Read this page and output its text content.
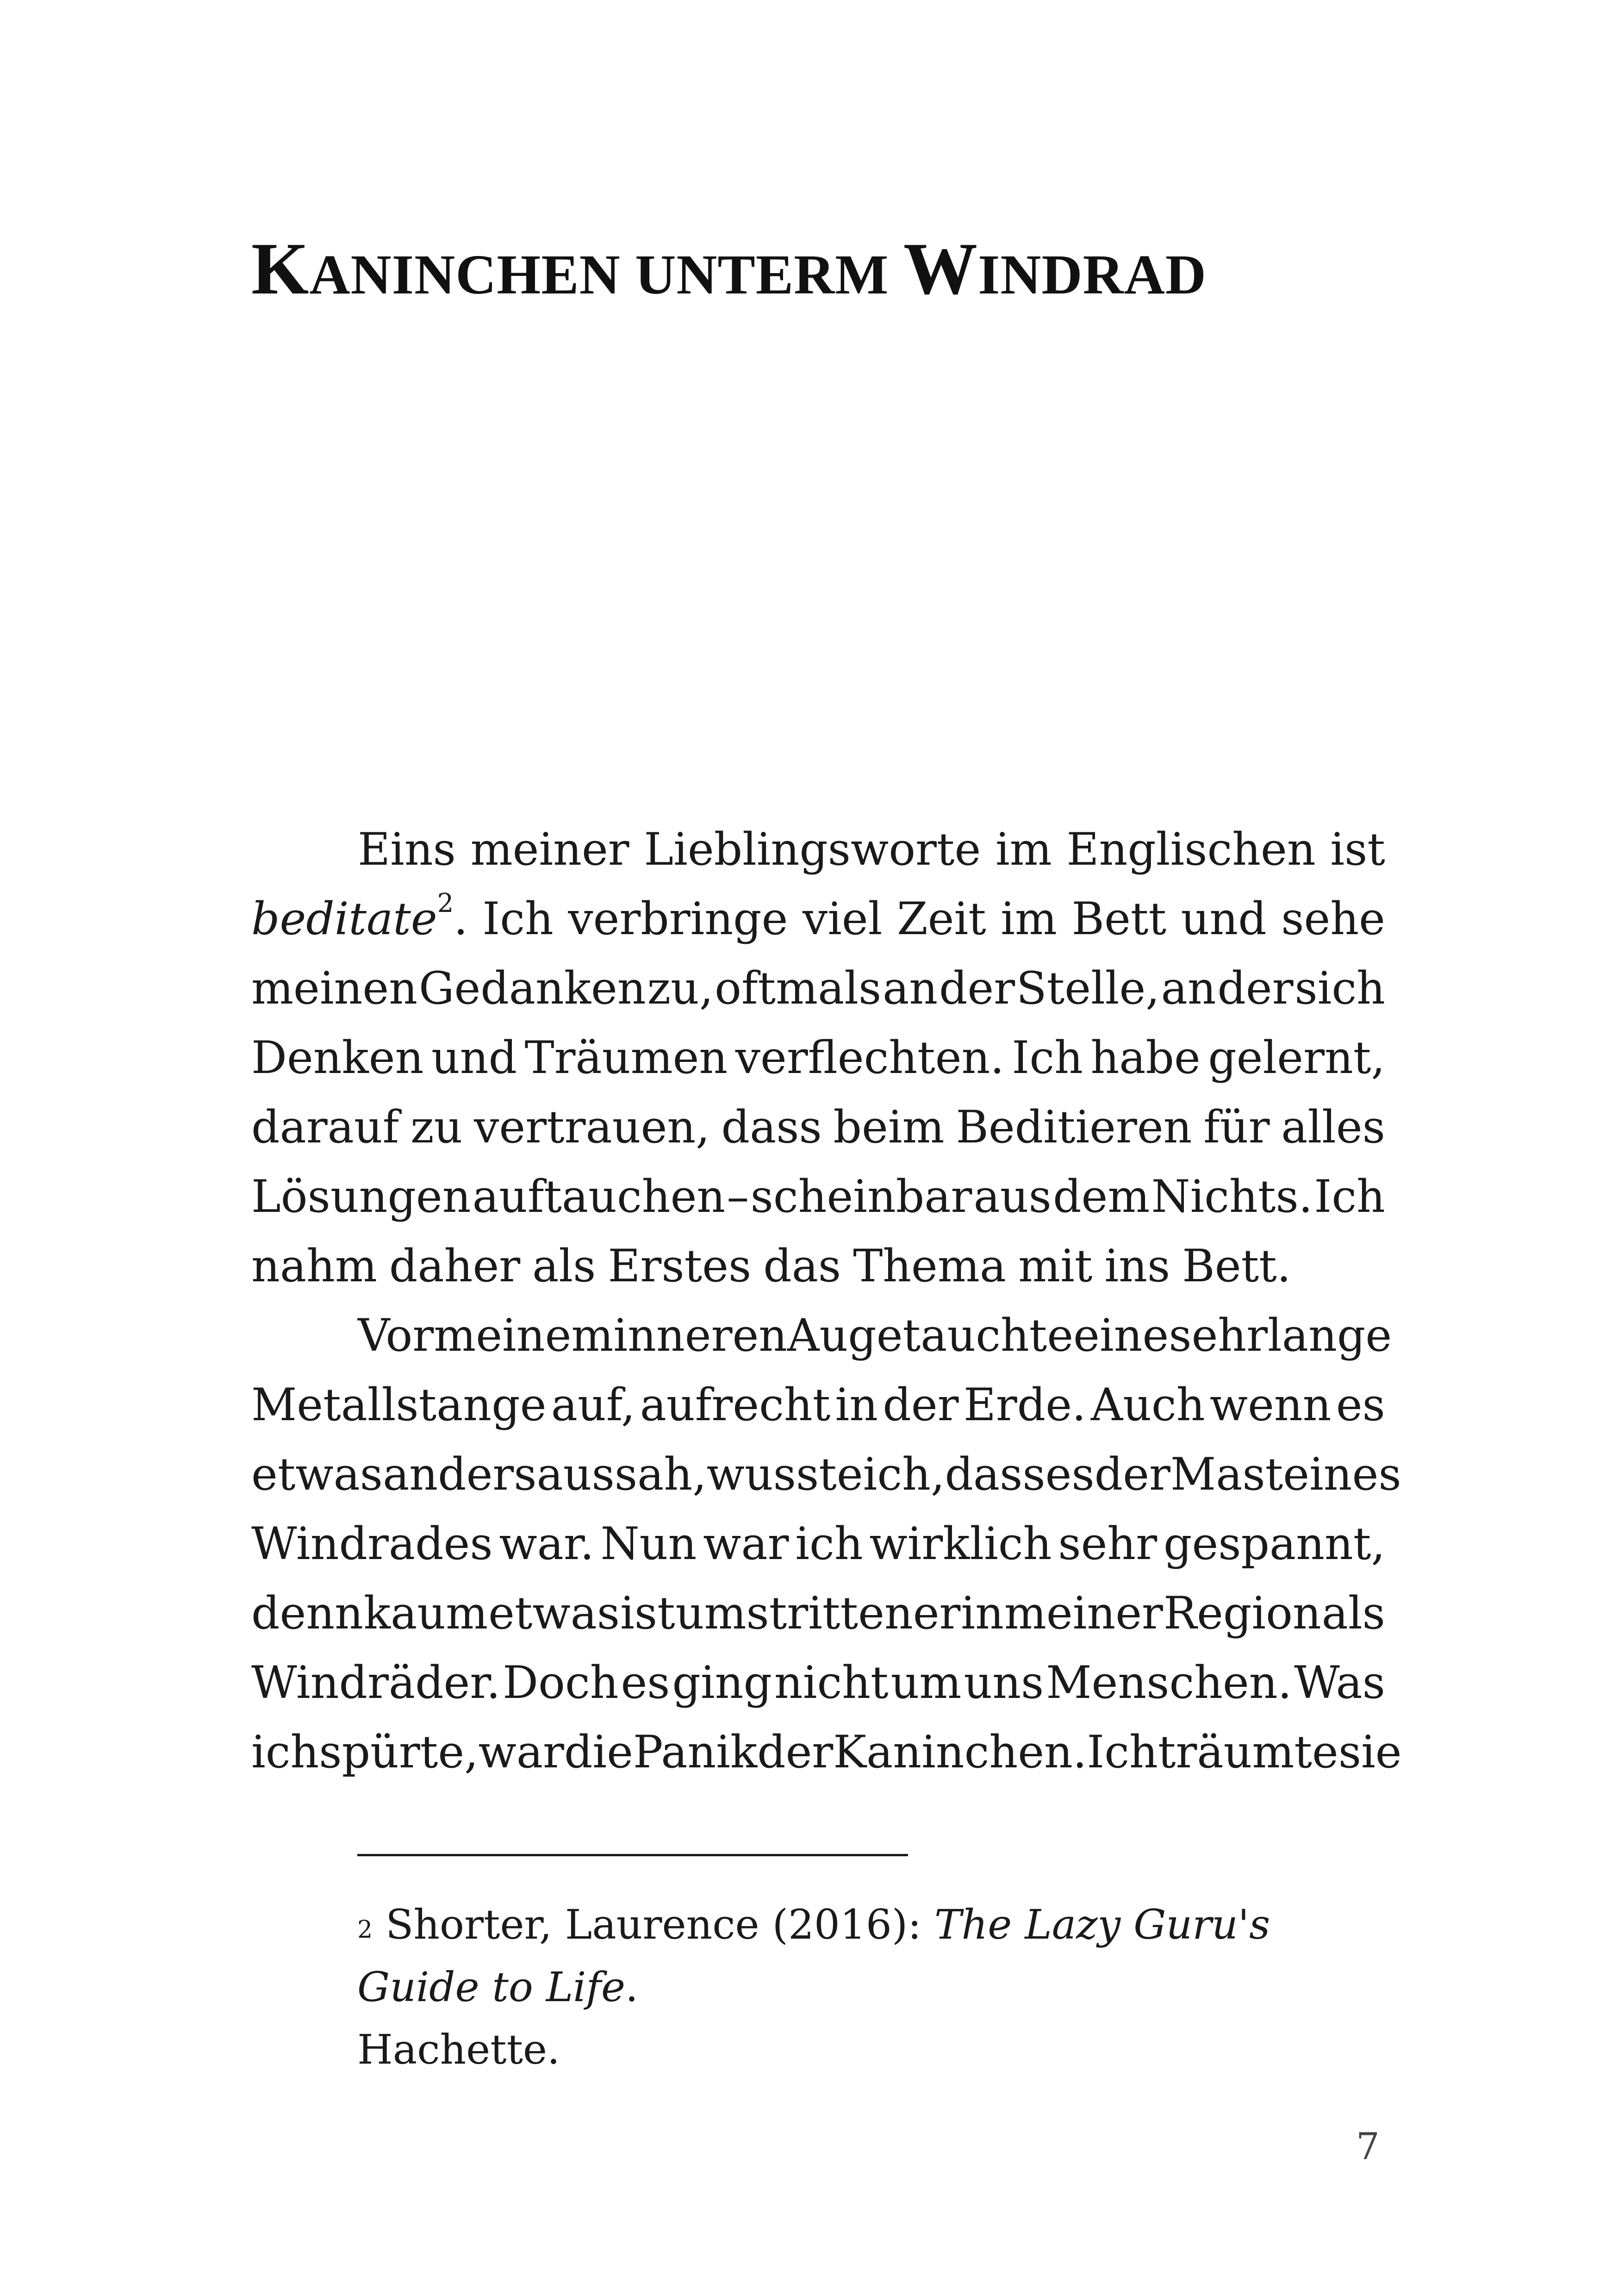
KANINCHEN UNTERM WINDRAD
Eins meiner Lieblingsworte im Englischen ist
beditate$^2$. Ich verbringe viel Zeit im Bett und sehe
meinen Gedanken zu, oftmals an der Stelle, an der sich
Denken und Träumen verflechten. Ich habe gelernt,
darauf zu vertrauen, dass beim Beditieren für alles
Lösungen auftauchen – scheinbar aus dem Nichts. Ich
nahm daher als Erstes das Thema mit ins Bett.
Vor meinem inneren Auge tauchte eine sehr lange
Metallstange auf, aufrecht in der Erde. Auch wenn es
etwas anders aussah, wusste ich, dass es der Mast eines
Windrades war. Nun war ich wirklich sehr gespannt,
denn kaum etwas ist umstrittener in meiner Region als
Windräder. Doch es ging nicht um uns Menschen. Was
ich spürte, war die Panik der Kaninchen. Ich träumte sie
$^2$ Shorter, Laurence (2016): The Lazy Guru's Guide to Life.
Hachette.
7
